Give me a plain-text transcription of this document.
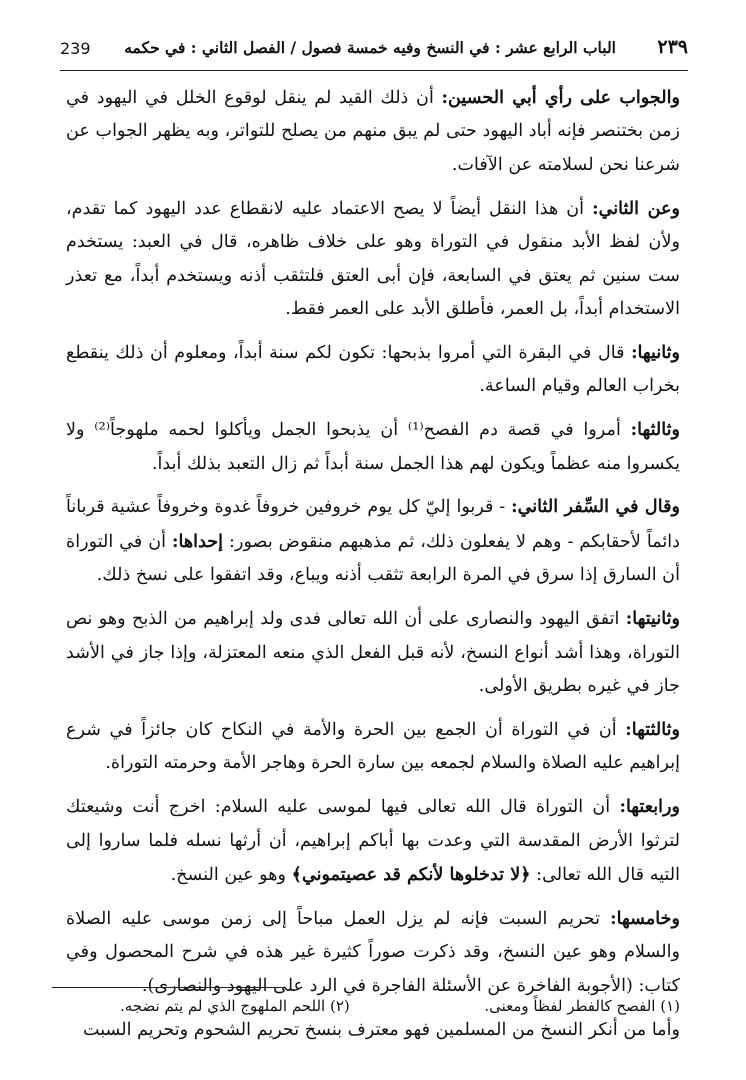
٢٣٩
الباب الرابع عشر : في النسخ وفيه خمسة فصول / الفصل الثاني : في حكمه
239

والجواب على رأي أبي الحسين: أن ذلك القيد لم ينقل لوقوع الخلل في اليهود في زمن بختنصر فإنه أباد اليهود حتى لم يبق منهم من يصلح للتواتر، وبه يظهر الجواب عن شرعنا نحن لسلامته عن الآفات.

وعن الثاني: أن هذا النقل أيضاً لا يصح الاعتماد عليه لانقطاع عدد اليهود كما تقدم، ولأن لفظ الأبد منقول في التوراة وهو على خلاف ظاهره، قال في العبد: يستخدم ست سنين ثم يعتق في السابعة، فإن أبى العتق فلتثقب أذنه ويستخدم أبداً، مع تعذر الاستخدام أبداً، بل العمر، فأطلق الأبد على العمر فقط.

وثانيها: قال في البقرة التي أمروا بذبحها: تكون لكم سنة أبداً، ومعلوم أن ذلك ينقطع بخراب العالم وقيام الساعة.

وثالثها: أمروا في قصة دم الفصح⁽¹⁾ أن يذبحوا الجمل ويأكلوا لحمه ملهوجاً⁽²⁾ ولا يكسروا منه عظماً ويكون لهم هذا الجمل سنة أبداً ثم زال التعبد بذلك أبداً.

وقال في السِّفر الثاني: - قربوا إليّ كل يوم خروفين خروفاً غدوة وخروفاً عشية قرباناً دائماً لأحقابكم - وهم لا يفعلون ذلك، ثم مذهبهم منقوض بصور: إحداها: أن في التوراة أن السارق إذا سرق في المرة الرابعة تثقب أذنه ويباع، وقد اتفقوا على نسخ ذلك.

وثانيتها: اتفق اليهود والنصارى على أن الله تعالى فدى ولد إبراهيم من الذبح وهو نص التوراة، وهذا أشد أنواع النسخ، لأنه قبل الفعل الذي منعه المعتزلة، وإذا جاز في الأشد جاز في غيره بطريق الأولى.

وثالثتها: أن في التوراة أن الجمع بين الحرة والأمة في النكاح كان جائزاً في شرع إبراهيم عليه الصلاة والسلام لجمعه بين سارة الحرة وهاجر الأمة وحرمته التوراة.

ورابعتها: أن التوراة قال الله تعالى فيها لموسى عليه السلام: اخرج أنت وشيعتك لترثوا الأرض المقدسة التي وعدت بها أباكم إبراهيم، أن أرثها نسله فلما ساروا إلى التيه قال الله تعالى: ﴿لا تدخلوها لأنكم قد عصيتموني﴾ وهو عين النسخ.

وخامسها: تحريم السبت فإنه لم يزل العمل مباحاً إلى زمن موسى عليه الصلاة والسلام وهو عين النسخ، وقد ذكرت صوراً كثيرة غير هذه في شرح المحصول وفي كتاب: (الأجوبة الفاخرة عن الأسئلة الفاجرة في الرد على اليهود والنصارى).

وأما من أنكر النسخ من المسلمين فهو معترف بنسخ تحريم الشحوم وتحريم السبت

(١) الفصح كالفطر لفظاً ومعنى.
(٢) اللحم الملهوج الذي لم يتم نضجه.
